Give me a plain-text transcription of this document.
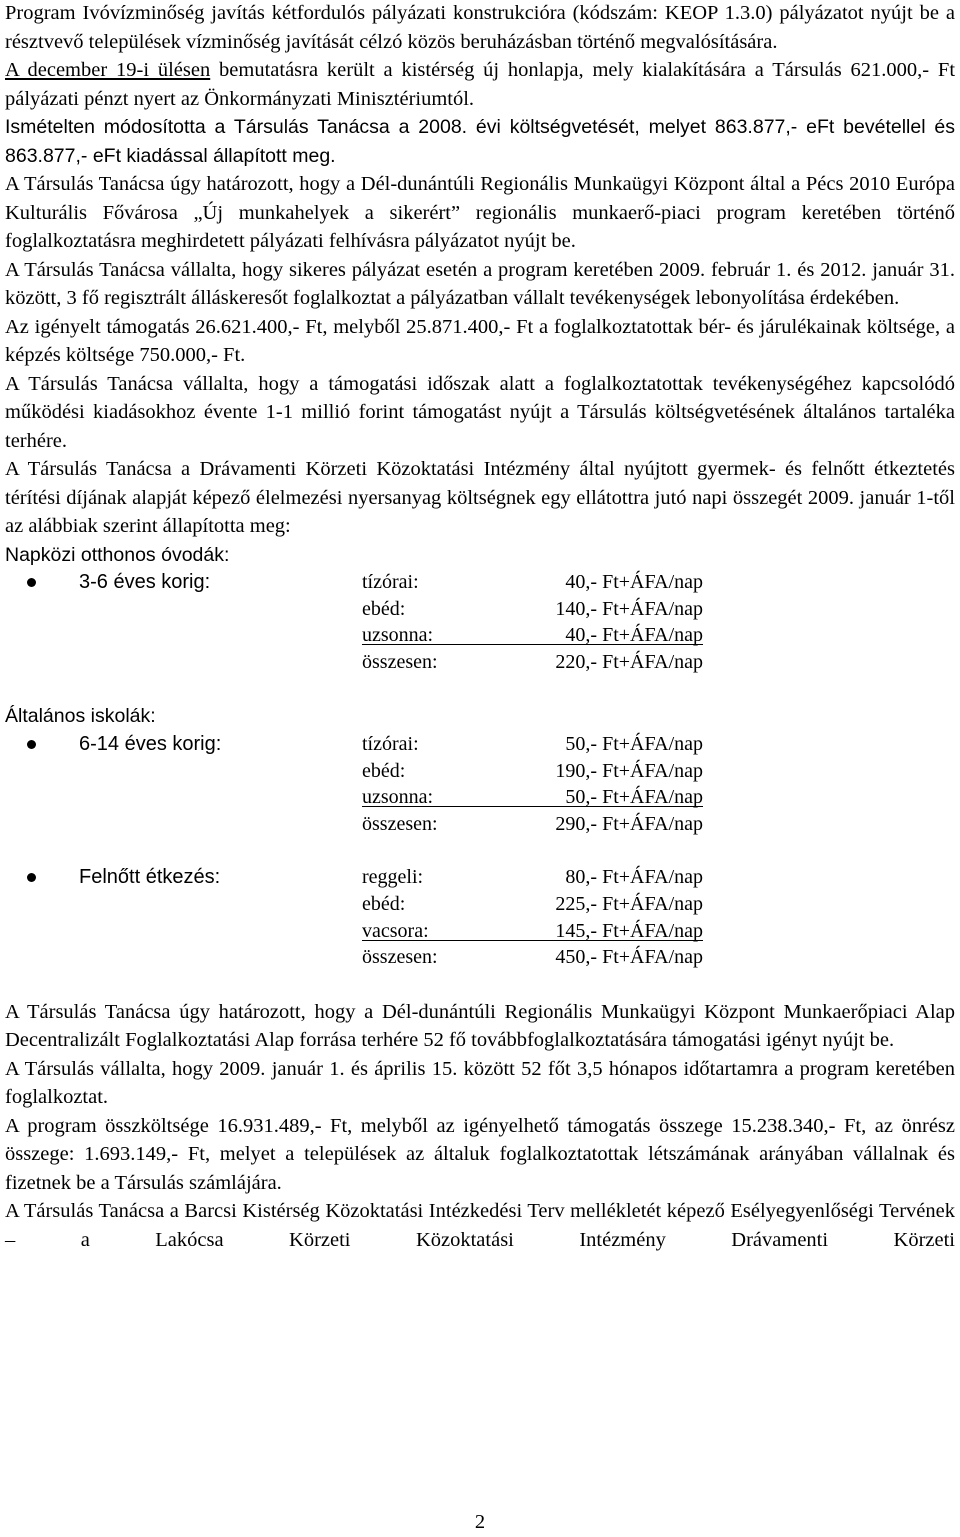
Program Ivóvízminőség javítás kétfordulós pályázati konstrukcióra (kódszám: KEOP 1.3.0) pályázatot nyújt be a résztvevő települések vízminőség javítását célzó közös beruházásban történő megvalósítására.

A december 19-i ülésen bemutatásra került a kistérség új honlapja, mely kialakítására a Társulás 621.000,- Ft pályázati pénzt nyert az Önkormányzati Minisztériumtól.

Ismételten módosította a Társulás Tanácsa a 2008. évi költségvetését, melyet 863.877,- eFt bevétellel és 863.877,- eFt kiadással állapított meg.

A Társulás Tanácsa úgy határozott, hogy a Dél-dunántúli Regionális Munkaügyi Központ által a Pécs 2010 Európa Kulturális Fővárosa „Új munkahelyek a sikerért” regionális munkaerő-piaci program keretében történő foglalkoztatásra meghirdetett pályázati felhívásra pályázatot nyújt be.

A Társulás Tanácsa vállalta, hogy sikeres pályázat esetén a program keretében 2009. február 1. és 2012. január 31. között, 3 fő regisztrált álláskeresőt foglalkoztat a pályázatban vállalt tevékenységek lebonyolítása érdekében.

Az igényelt támogatás 26.621.400,- Ft, melyből 25.871.400,- Ft a foglalkoztatottak bér- és járulékainak költsége, a képzés költsége 750.000,- Ft.

A Társulás Tanácsa vállalta, hogy a támogatási időszak alatt a foglalkoztatottak tevékenységéhez kapcsolódó működési kiadásokhoz évente 1-1 millió forint támogatást nyújt a Társulás költségvetésének általános tartaléka terhére.

A Társulás Tanácsa a Drávamenti Körzeti Közoktatási Intézmény által nyújtott gyermek- és felnőtt étkeztetés térítési díjának alapját képező élelmezési nyersanyag költségnek egy ellátottra jutó napi összegét 2009. január 1-től az alábbiak szerint állapította meg:

Napközi otthonos óvodák:
3-6 éves korig:	tízórai:	40,- Ft+ÁFA/nap
ebéd:	140,- Ft+ÁFA/nap
uzsonna:	40,- Ft+ÁFA/nap
összesen:	220,- Ft+ÁFA/nap
Általános iskolák:
6-14 éves korig:	tízórai:	50,- Ft+ÁFA/nap
ebéd:	190,- Ft+ÁFA/nap
uzsonna:	50,- Ft+ÁFA/nap
összesen:	290,- Ft+ÁFA/nap
Felnőtt étkezés:	reggeli:	80,- Ft+ÁFA/nap
ebéd:	225,- Ft+ÁFA/nap
vacsora:	145,- Ft+ÁFA/nap
összesen:	450,- Ft+ÁFA/nap

A Társulás Tanácsa úgy határozott, hogy a Dél-dunántúli Regionális Munkaügyi Központ Munkaerőpiaci Alap Decentralizált Foglalkoztatási Alap forrása terhére 52 fő továbbfoglalkoztatására támogatási igényt nyújt be.

A Társulás vállalta, hogy 2009. január 1. és április 15. között 52 főt 3,5 hónapos időtartamra a program keretében foglalkoztat.

A program összköltsége 16.931.489,- Ft, melyből az igényelhető támogatás összege 15.238.340,- Ft, az önrész összege: 1.693.149,- Ft, melyet a települések az általuk foglalkoztatottak létszámának arányában vállalnak és fizetnek be a Társulás számlájára.

A Társulás Tanácsa a Barcsi Kistérség Közoktatási Intézkedési Terv mellékletét képező Esélyegyenlőségi Tervének – a Lakócsa Körzeti Közoktatási Intézmény Drávamenti Körzeti

2
